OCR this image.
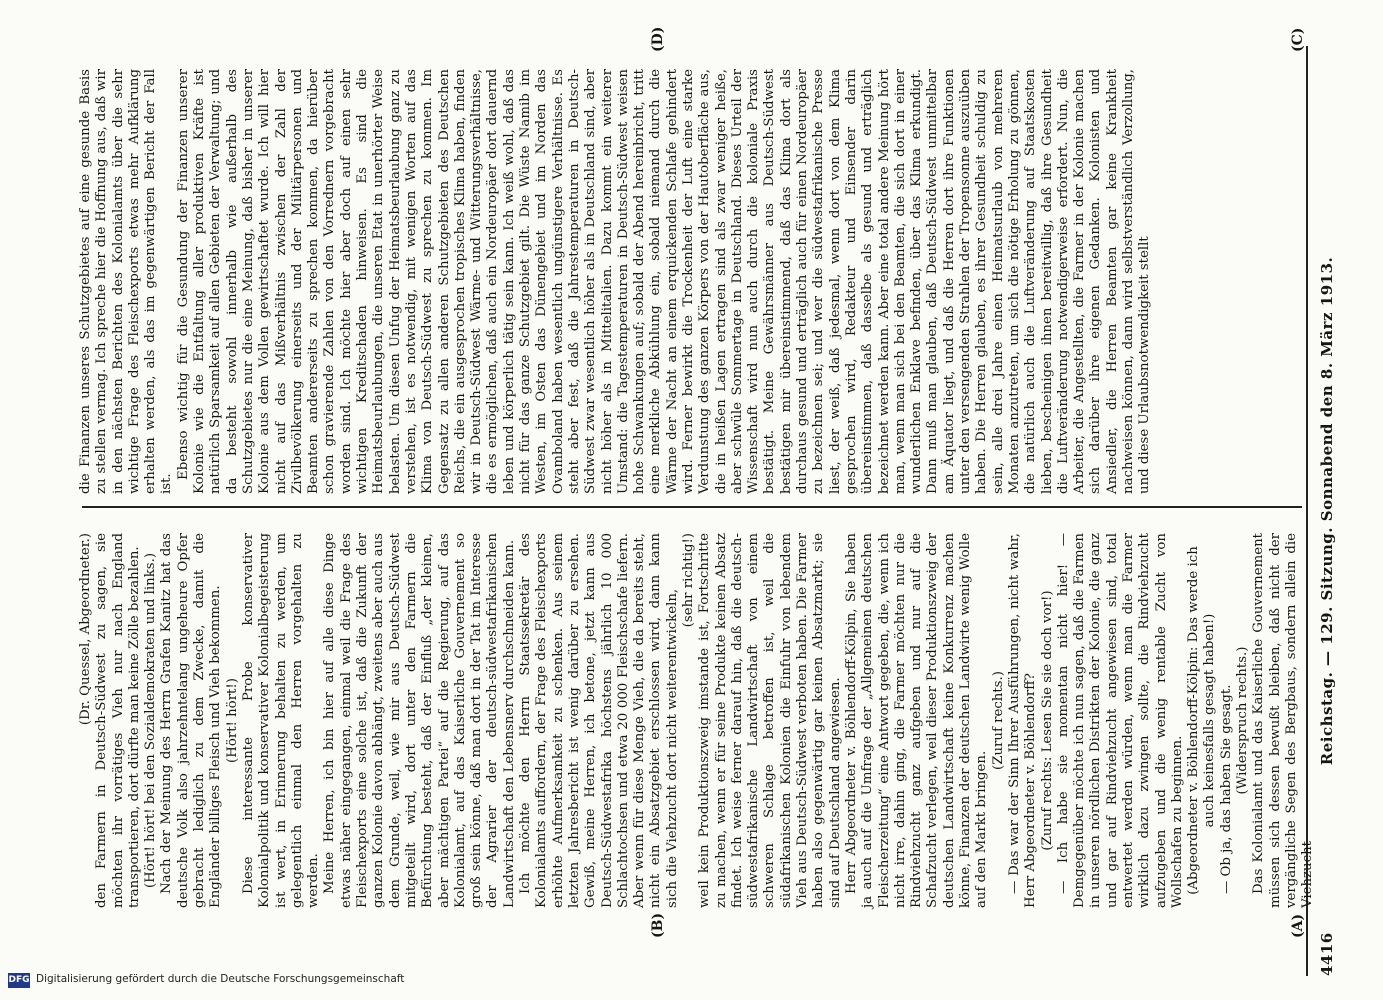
4416
Reichstag. — 129. Sitzung. Sonnabend den 8. März 1913.
(A)
(B)
(C)
(D)

(Dr. Quessel, Abgeordneter.) den Farmern in Deutsch-Südwest zu sagen, sie möchten ihr vorrätiges Vieh nur nach England transportieren, dort dürfte man keine Zölle bezahlen. (Hört! hört! bei den Sozialdemokraten und links.) Nach der Meinung des Herrn Grafen Kanitz hat das deutsche Volk also jahrzehntelang ungeheure Opfer gebracht lediglich zu dem Zwecke, damit die Engländer billiges Fleisch und Vieh bekommen. (Hört! hört!) Diese interessante Probe konservativer Kolonialpolitik und konservativer Kolonialbegeisterung ist wert, in Erinnerung behalten zu werden, um gelegentlich einmal den Herren vorgehalten zu werden. Meine Herren, ich bin hier auf alle diese Dinge etwas näher eingegangen, einmal weil die Frage des Fleischexports eine solche ist, daß die Zukunft der ganzen Kolonie davon abhängt, zweitens aber auch aus dem Grunde, weil, wie mir aus Deutsch-Südwest mitgeteilt wird, dort unter den Farmern die Befürchtung besteht, daß der Einfluß „der kleinen, aber mächtigen Partei“ auf die Regierung, auf das Kolonialamt, auf das Kaiserliche Gouvernement so groß sein könne, daß man dort in der Tat im Interesse der Agrarier der deutsch-südwestafrikanischen Landwirtschaft den Lebensnerv durchschneiden kann. Ich möchte den Herrn Staatssekretär des Kolonialamts auffordern, der Frage des Fleischexports erhöhte Aufmerksamkeit zu schenken. Aus seinem letzten Jahresbericht ist wenig darüber zu ersehen. Gewiß, meine Herren, ich betone, jetzt kann aus Deutsch-Südwestafrika höchstens jährlich 10 000 Schlachtochsen und etwa 20 000 Fleischschafe liefern. Aber wenn für diese Menge Vieh, die da bereits steht, nicht ein Absatzgebiet erschlossen wird, dann kann sich die Viehzucht dort nicht weiterentwickeln,

(sehr richtig!) weil kein Produktionszweig imstande ist, Fortschritte zu machen, wenn er für seine Produkte keinen Absatz findet. Ich weise ferner darauf hin, daß die deutsch-südwestafrikanische Landwirtschaft von einem schweren Schlage betroffen ist, weil die südafrikanischen Kolonien die Einfuhr von lebendem Vieh aus Deutsch-Südwest verboten haben. Die Farmer haben also gegenwärtig gar keinen Absatzmarkt; sie sind auf Deutschland angewiesen. Herr Abgeordneter v. Böhlendorff-Kölpin, Sie haben ja auch auf die Umfrage der „Allgemeinen deutschen Fleischerzeitung“ eine Antwort gegeben, die, wenn ich nicht irre, dahin ging, die Farmer möchten nur die Rindviehzucht ganz aufgeben und nur auf die Schafzucht verlegen, weil dieser Produktionszweig der deutschen Landwirtschaft keine Konkurrenz machen könne, Finanzen der deutschen Landwirte wenig Wolle auf den Markt bringen.

(Zuruf rechts.) — Das war der Sinn Ihrer Ausführungen, nicht wahr, Herr Abgeordneter v. Böhlendorff? (Zuruf rechts: Lesen Sie sie doch vor!) — Ich habe sie momentan nicht hier! — Demgegenüber möchte ich nun sagen, daß die Farmen in unseren nördlichen Distrikten der Kolonie, die ganz und gar auf Rindviehzucht angewiesen sind, total entwertet werden würden, wenn man die Farmer wirklich dazu zwingen sollte, die Rindviehzucht aufzugeben und die wenig rentable Zucht von Wollschafen zu beginnen. (Abgeordneter v. Böhlendorff-Kölpin: Das werde ich auch keinesfalls gesagt haben!) — Ob ja, das haben Sie gesagt. (Widerspruch rechts.) Das Kolonialamt und das Kaiserliche Gouvernement müssen sich dessen bewußt bleiben, daß nicht der vergängliche Segen des Bergbaus, sondern allein die Viehzucht

die Finanzen unseres Schutzgebietes auf eine gesunde Basis zu stellen vermag. Ich spreche hier die Hoffnung aus, daß wir in den nächsten Berichten des Kolonialamts über die sehr wichtige Frage des Fleischexports etwas mehr Aufklärung erhalten werden, als das im gegenwärtigen Bericht der Fall ist.

Ebenso wichtig für die Gesundung der Finanzen unserer Kolonie wie die Entfaltung aller produktiven Kräfte ist natürlich Sparsamkeit auf allen Gebieten der Verwaltung; und da besteht sowohl innerhalb wie außerhalb des Schutzgebietes nur die eine Meinung, daß bisher in unserer Kolonie aus dem Vollen gewirtschaftet wurde. Ich will hier nicht auf das Mißverhältnis zwischen der Zahl der Zivilbevölkerung einerseits und der Militärpersonen und Beamten andererseits zu sprechen kommen, da hierüber schon gravierende Zahlen von den Vorrednern vorgebracht worden sind. Ich möchte hier aber doch auf einen sehr wichtigen Kreditschaden hinweisen. Es sind die Heimatsbeurlaubungen, die unseren Etat in unerhörter Weise belasten. Um diesen Unfug der Heimatsbeurlaubung ganz zu verstehen, ist es notwendig, mit wenigen Worten auf das Klima von Deutsch-Südwest zu sprechen zu kommen. Im Gegensatz zu allen anderen Schutzgebieten des Deutschen Reichs, die ein ausgesprochen tropisches Klima haben, finden wir in Deutsch-Südwest Wärme- und Witterungsverhältnisse, die es ermöglichen, daß auch ein Nordeuropäer dort dauernd leben und körperlich tätig sein kann. Ich weiß wohl, daß das nicht für das ganze Schutzgebiet gilt. Die Wüste Namib im Westen, im Osten das Dünengebiet und im Norden das Ovamboland haben wesentlich ungünstigere Verhältnisse. Es steht aber fest, daß die Jahrestemperaturen in Deutsch-Südwest zwar wesentlich höher als in Deutschland sind, aber nicht höher als in Mittelitalien. Dazu kommt ein weiterer Umstand: die Tagestemperaturen in Deutsch-Südwest weisen hohe Schwankungen auf; sobald der Abend hereinbricht, tritt eine merkliche Abkühlung ein, sobald niemand durch die Wärme der Nacht an einem erquickenden Schlafe gehindert wird. Ferner bewirkt die Trockenheit der Luft eine starke Verdunstung des ganzen Körpers von der Hautoberfläche aus, die in heißen Lagen ertragen sind als zwar weniger heiße, aber schwüle Sommertage in Deutschland. Dieses Urteil der Wissenschaft wird nun auch durch die koloniale Praxis bestätigt. Meine Gewährsmänner aus Deutsch-Südwest bestätigen mir übereinstimmend, daß das Klima dort als durchaus gesund und erträglich auch für einen Nordeuropäer zu bezeichnen sei; und wer die südwestafrikanische Presse liest, der weiß, daß jedesmal, wenn dort von dem Klima gesprochen wird, Redakteur und Einsender darin übereinstimmen, daß dasselbe als gesund und erträglich bezeichnet werden kann. Aber eine total andere Meinung hört man, wenn man sich bei den Beamten, die sich dort in einer wunderlichen Enklave befinden, über das Klima erkundigt. Dann muß man glauben, daß Deutsch-Südwest unmittelbar am Äquator liegt, und daß die Herren dort ihre Funktionen unter den versengenden Strahlen der Tropensonne auszuüben haben. Die Herren glauben, es ihrer Gesundheit schuldig zu sein, alle drei Jahre einen Heimatsurlaub von mehreren Monaten anzutreten, um sich die nötige Erholung zu gönnen, die natürlich auch die Luftveränderung auf Staatskosten lieben, bescheinigen ihnen bereitwillig, daß ihre Gesundheit die Luftveränderung notwendigerweise erfordert. Nun, die Arbeiter, die Angestellten, die Farmer in der Kolonie machen sich darüber ihre eigenen Gedanken. Kolonisten und Ansiedler, die Herren Beamten gar keine Krankheit nachweisen können, dann wird selbstverständlich Verzollung, und diese Urlaubsnotwendigkeit stellt

DFG Digitalisierung gefördert durch die Deutsche Forschungsgemeinschaft
